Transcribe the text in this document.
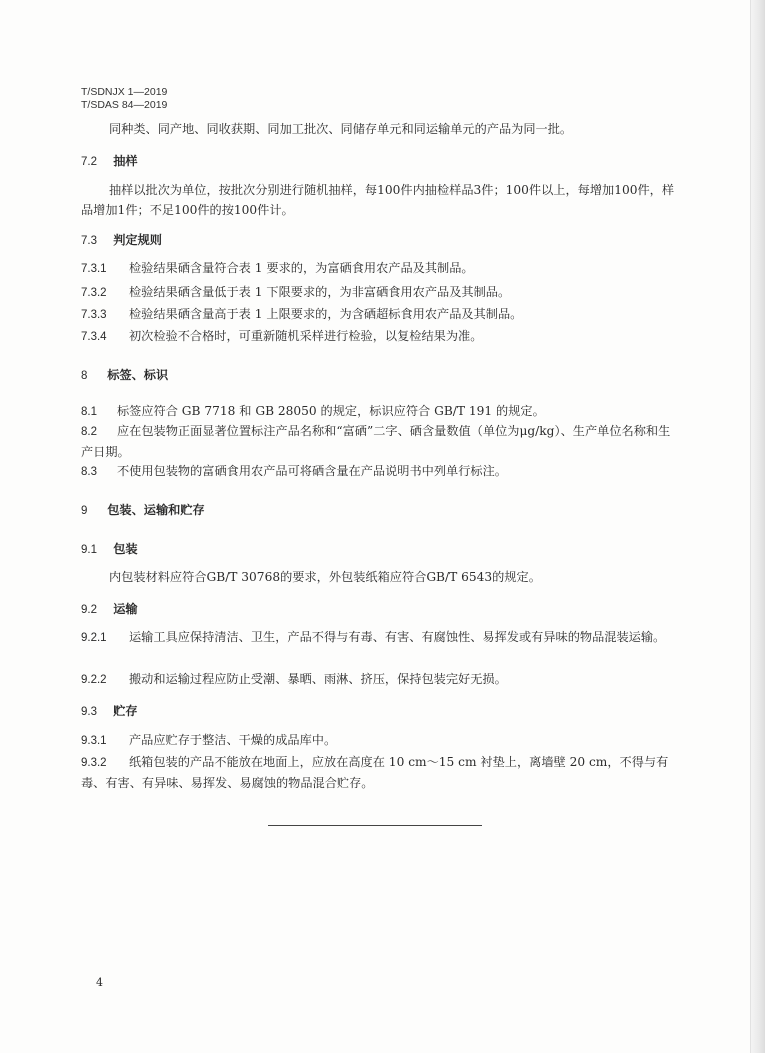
T/SDNJX 1—2019
T/SDAS 84—2019
同种类、同产地、同收获期、同加工批次、同储存单元和同运输单元的产品为同一批。
7.2 抽样
抽样以批次为单位，按批次分别进行随机抽样，每100件内抽检样品3件；100件以上，每增加100件，样品增加1件；不足100件的按100件计。
7.3 判定规则
7.3.1 检验结果硒含量符合表 1 要求的，为富硒食用农产品及其制品。
7.3.2 检验结果硒含量低于表 1 下限要求的，为非富硒食用农产品及其制品。
7.3.3 检验结果硒含量高于表 1 上限要求的，为含硒超标食用农产品及其制品。
7.3.4 初次检验不合格时，可重新随机采样进行检验，以复检结果为准。
8 标签、标识
8.1 标签应符合 GB 7718 和 GB 28050 的规定，标识应符合 GB/T 191 的规定。
8.2 应在包装物正面显著位置标注产品名称和“富硒”二字、硒含量数值（单位为μg/kg）、生产单位名称和生产日期。
8.3 不使用包装物的富硒食用农产品可将硒含量在产品说明书中列单行标注。
9 包装、运输和贮存
9.1 包装
内包装材料应符合GB/T 30768的要求，外包装纸箱应符合GB/T 6543的规定。
9.2 运输
9.2.1 运输工具应保持清洁、卫生，产品不得与有毒、有害、有腐蚀性、易挥发或有异味的物品混装运输。
9.2.2 搬动和运输过程应防止受潮、暴晒、雨淋、挤压，保持包装完好无损。
9.3 贮存
9.3.1 产品应贮存于整洁、干燥的成品库中。
9.3.2 纸箱包装的产品不能放在地面上，应放在高度在 10 cm～15 cm 衬垫上，离墙壁 20 cm，不得与有毒、有害、有异味、易挥发、易腐蚀的物品混合贮存。
4
